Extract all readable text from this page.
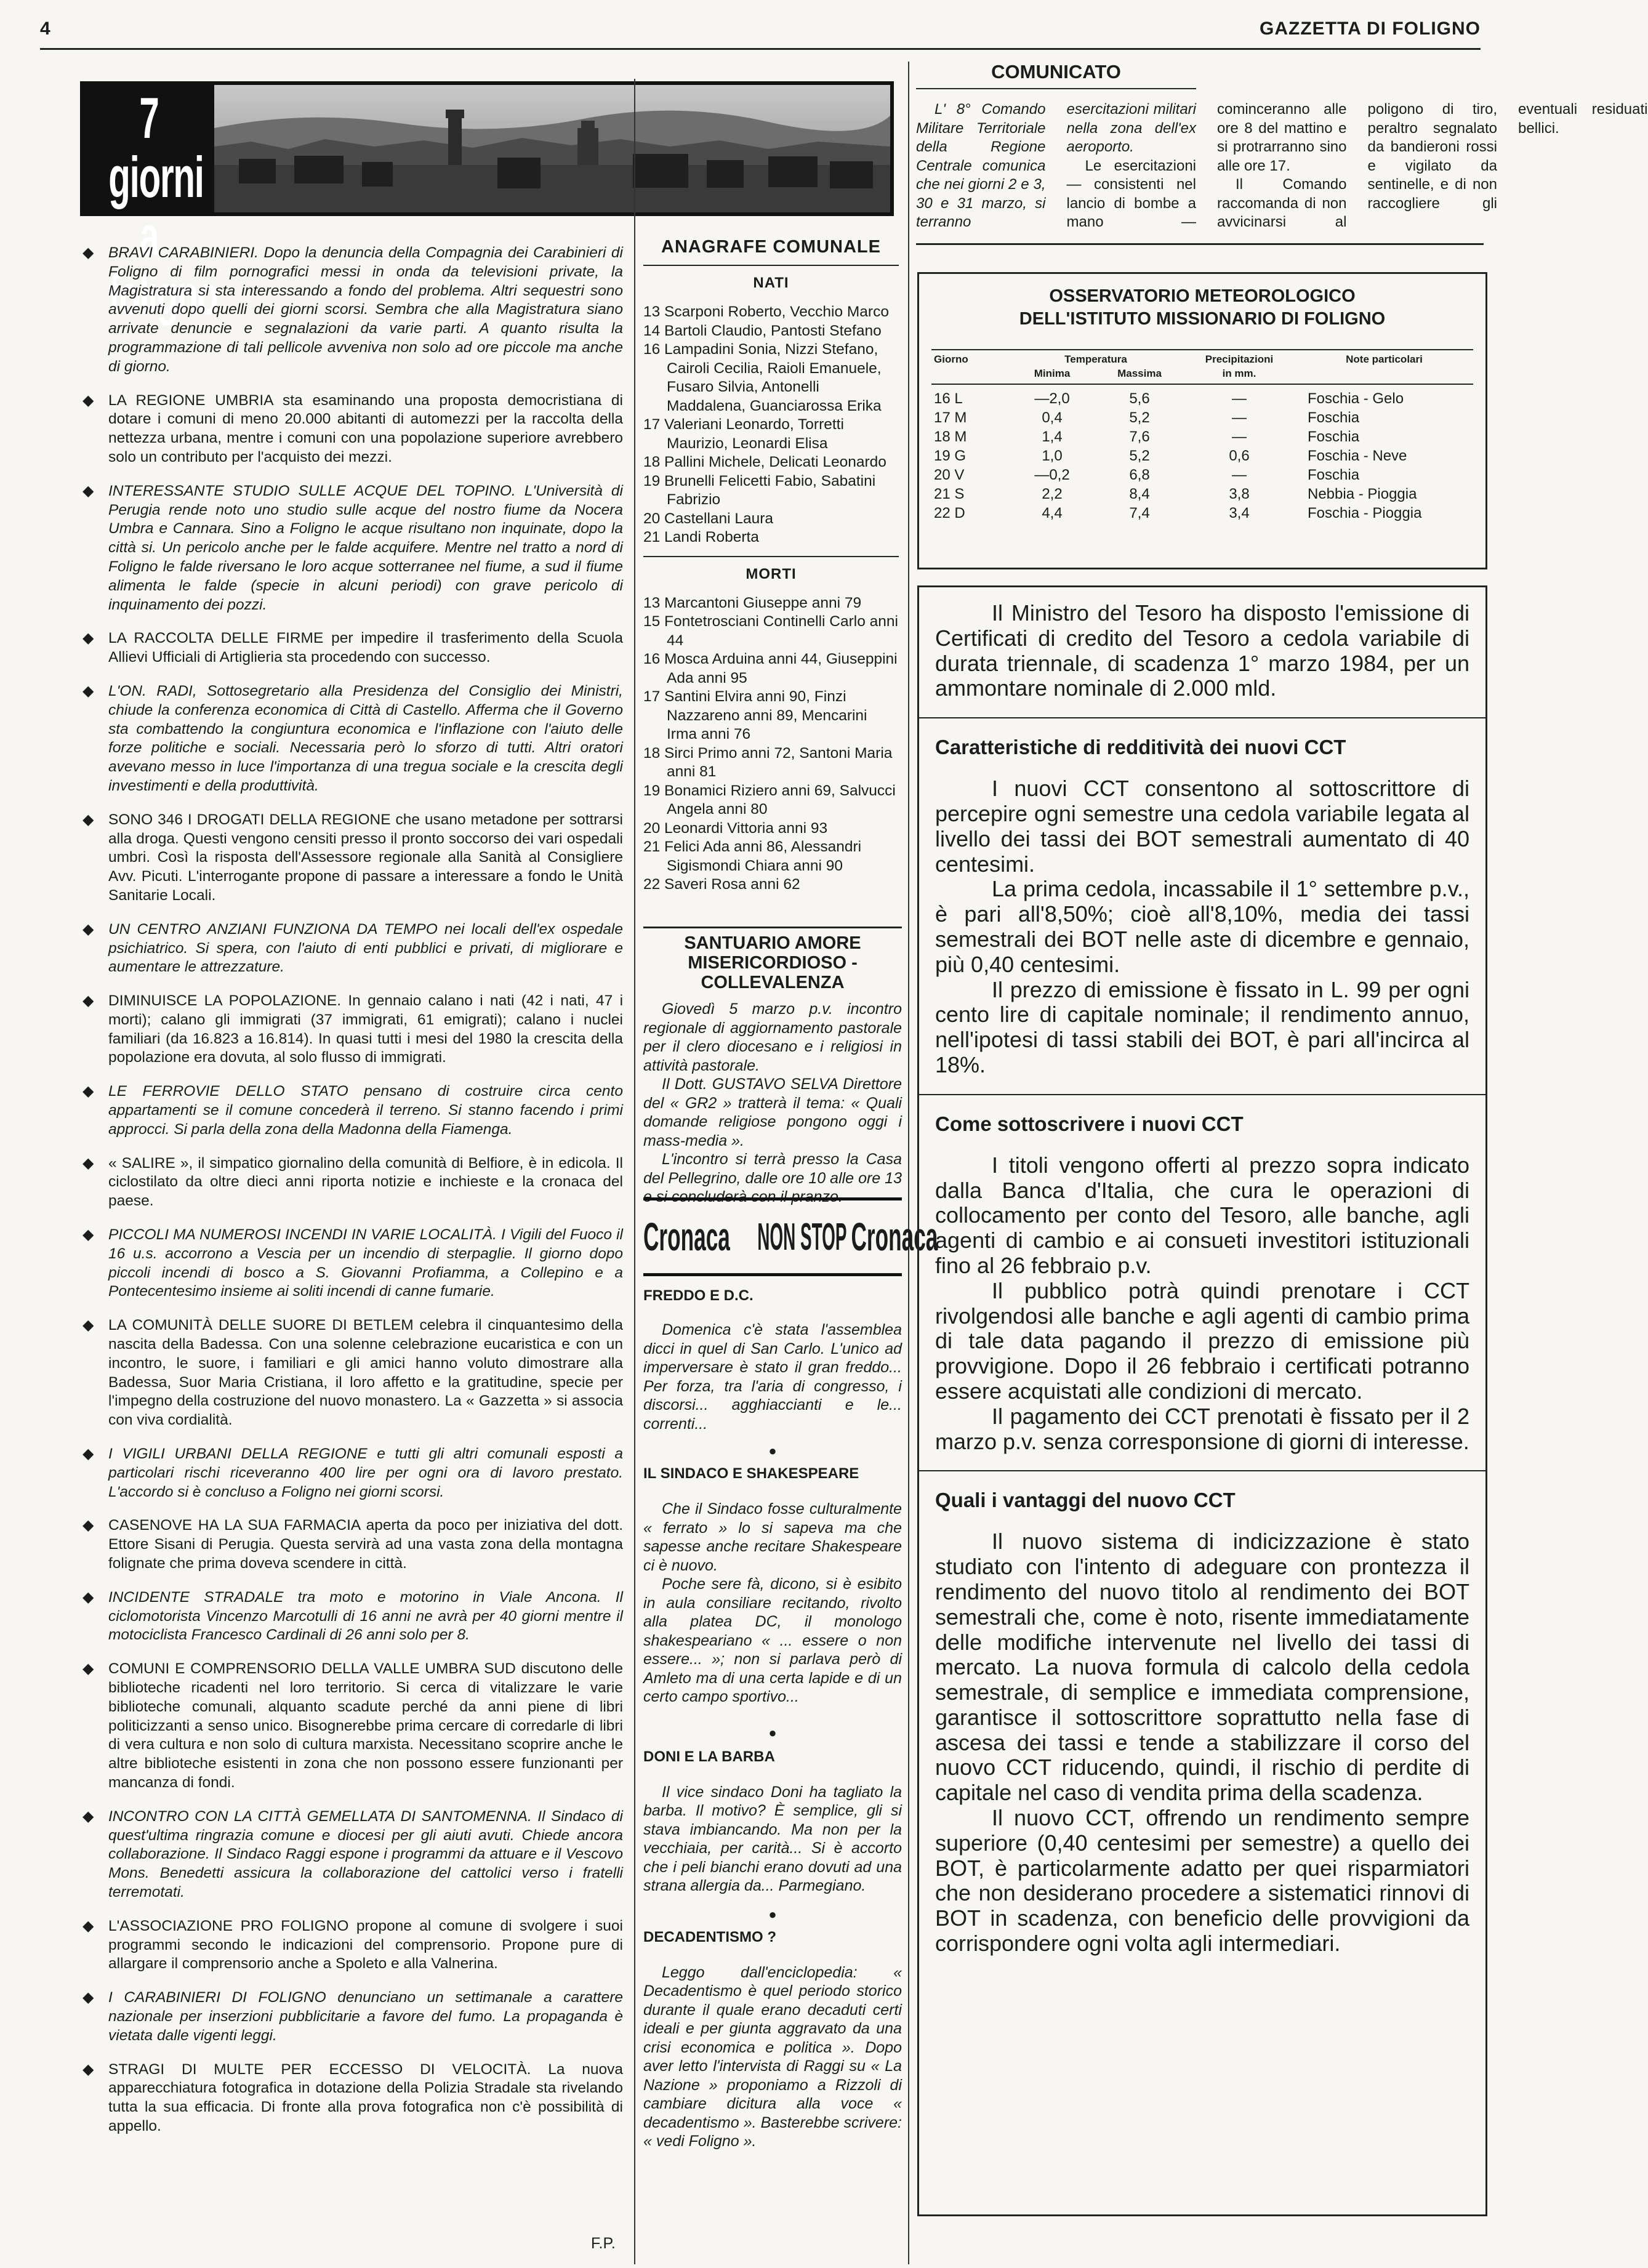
4	GAZZETTA DI FOLIGNO
7 giorni
a foligno
◆ BRAVI CARABINIERI. Dopo la denuncia della Compagnia dei Carabinieri di Foligno di film pornografici messi in onda da televisioni private, la Magistratura si sta interessando a fondo del problema. Altri sequestri sono avvenuti dopo quelli dei giorni scorsi. Sembra che alla Magistratura siano arrivate denuncie e segnalazioni da varie parti. A quanto risulta la programmazione di tali pellicole avveniva non solo ad ore piccole ma anche di giorno.

◆ LA REGIONE UMBRIA sta esaminando una proposta democristiana di dotare i comuni di meno 20.000 abitanti di automezzi per la raccolta della nettezza urbana, mentre i comuni con una popolazione superiore avrebbero solo un contributo per l'acquisto dei mezzi.

◆ INTERESSANTE STUDIO SULLE ACQUE DEL TOPINO. L'Università di Perugia rende noto uno studio sulle acque del nostro fiume da Nocera Umbra e Cannara. Sino a Foligno le acque risultano non inquinate, dopo la città si. Un pericolo anche per le falde acquifere. Mentre nel tratto a nord di Foligno le falde riversano le loro acque sotterranee nel fiume, a sud il fiume alimenta le falde (specie in alcuni periodi) con grave pericolo di inquinamento dei pozzi.

◆ LA RACCOLTA DELLE FIRME per impedire il trasferimento della Scuola Allievi Ufficiali di Artiglieria sta procedendo con successo.

◆ L'ON. RADI, Sottosegretario alla Presidenza del Consiglio dei Ministri, chiude la conferenza economica di Città di Castello. Afferma che il Governo sta combattendo la congiuntura economica e l'inflazione con l'aiuto delle forze politiche e sociali. Necessaria però lo sforzo di tutti. Altri oratori avevano messo in luce l'importanza di una tregua sociale e la crescita degli investimenti e della produttività.

◆ SONO 346 I DROGATI DELLA REGIONE che usano metadone per sottrarsi alla droga. Questi vengono censiti presso il pronto soccorso dei vari ospedali umbri. Così la risposta dell'Assessore regionale alla Sanità al Consigliere Avv. Picuti. L'interrogante propone di passare a interessare a fondo le Unità Sanitarie Locali.

◆ UN CENTRO ANZIANI FUNZIONA DA TEMPO nei locali dell'ex ospedale psichiatrico. Si spera, con l'aiuto di enti pubblici e privati, di migliorare e aumentare le attrezzature.

◆ DIMINUISCE LA POPOLAZIONE. In gennaio calano i nati (42 i nati, 47 i morti); calano gli immigrati (37 immigrati, 61 emigrati); calano i nuclei familiari (da 16.823 a 16.814). In quasi tutti i mesi del 1980 la crescita della popolazione era dovuta, al solo flusso di immigrati.

◆ LE FERROVIE DELLO STATO pensano di costruire circa cento appartamenti se il comune concederà il terreno. Si stanno facendo i primi approcci. Si parla della zona della Madonna della Fiamenga.

◆ « SALIRE », il simpatico giornalino della comunità di Belfiore, è in edicola. Il ciclostilato da oltre dieci anni riporta notizie e inchieste e la cronaca del paese.

◆ PICCOLI MA NUMEROSI INCENDI IN VARIE LOCALITÀ. I Vigili del Fuoco il 16 u.s. accorrono a Vescia per un incendio di sterpaglie. Il giorno dopo piccoli incendi di bosco a S. Giovanni Profiamma, a Collepino e a Pontecentesimo insieme ai soliti incendi di canne fumarie.

◆ LA COMUNITÀ DELLE SUORE DI BETLEM celebra il cinquantesimo della nascita della Badessa. Con una solenne celebrazione eucaristica e con un incontro, le suore, i familiari e gli amici hanno voluto dimostrare alla Badessa, Suor Maria Cristiana, il loro affetto e la gratitudine, specie per l'impegno della costruzione del nuovo monastero. La « Gazzetta » si associa con viva cordialità.

◆ I VIGILI URBANI DELLA REGIONE e tutti gli altri comunali esposti a particolari rischi riceveranno 400 lire per ogni ora di lavoro prestato. L'accordo si è concluso a Foligno nei giorni scorsi.

◆ CASENOVE HA LA SUA FARMACIA aperta da poco per iniziativa del dott. Ettore Sisani di Perugia. Questa servirà ad una vasta zona della montagna folignate che prima doveva scendere in città.

◆ INCIDENTE STRADALE tra moto e motorino in Viale Ancona. Il ciclomotorista Vincenzo Marcotulli di 16 anni ne avrà per 40 giorni mentre il motociclista Francesco Cardinali di 26 anni solo per 8.

◆ COMUNI E COMPRENSORIO DELLA VALLE UMBRA SUD discutono delle biblioteche ricadenti nel loro territorio. Si cerca di vitalizzare le varie biblioteche comunali, alquanto scadute perché da anni piene di libri politicizzanti a senso unico. Bisognerebbe prima cercare di corredarle di libri di vera cultura e non solo di cultura marxista. Necessitano scoprire anche le altre biblioteche esistenti in zona che non possono essere funzionanti per mancanza di fondi.

◆ INCONTRO CON LA CITTÀ GEMELLATA DI SANTOMENNA. Il Sindaco di quest'ultima ringrazia comune e diocesi per gli aiuti avuti. Chiede ancora collaborazione. Il Sindaco Raggi espone i programmi da attuare e il Vescovo Mons. Benedetti assicura la collaborazione del cattolici verso i fratelli terremotati.

◆ L'ASSOCIAZIONE PRO FOLIGNO propone al comune di svolgere i suoi programmi secondo le indicazioni del comprensorio. Propone pure di allargare il comprensorio anche a Spoleto e alla Valnerina.

◆ I CARABINIERI DI FOLIGNO denunciano un settimanale a carattere nazionale per inserzioni pubblicitarie a favore del fumo. La propaganda è vietata dalle vigenti leggi.

◆ STRAGI DI MULTE PER ECCESSO DI VELOCITÀ. La nuova apparecchiatura fotografica in dotazione della Polizia Stradale sta rivelando tutta la sua efficacia. Di fronte alla prova fotografica non c'è possibilità di appello.

F.P.
ANAGRAFE COMUNALE
NATI
13 Scarponi Roberto, Vecchio Marco
14 Bartoli Claudio, Pantosti Stefano
16 Lampadini Sonia, Nizzi Stefano, Cairoli Cecilia, Raioli Emanuele, Fusaro Silvia, Antonelli Maddalena, Guanciarossa Erika
17 Valeriani Leonardo, Torretti Maurizio, Leonardi Elisa
18 Pallini Michele, Delicati Leonardo
19 Brunelli Felicetti Fabio, Sabatini Fabrizio
20 Castellani Laura
21 Landi Roberta
MORTI
13 Marcantoni Giuseppe anni 79
15 Fontetrosciani Continelli Carlo anni 44
16 Mosca Arduina anni 44, Giuseppini Ada anni 95
17 Santini Elvira anni 90, Finzi Nazzareno anni 89, Mencarini Irma anni 76
18 Sirci Primo anni 72, Santoni Maria anni 81
19 Bonamici Riziero anni 69, Salvucci Angela anni 80
20 Leonardi Vittoria anni 93
21 Felici Ada anni 86, Alessandri Sigismondi Chiara anni 90
22 Saveri Rosa anni 62
SANTUARIO AMORE MISERICORDIOSO - COLLEVALENZA

Giovedì 5 marzo p.v. incontro regionale di aggiornamento pastorale per il clero diocesano e i religiosi in attività pastorale.

Il Dott. GUSTAVO SELVA Direttore del « GR2 » tratterà il tema: « Quali domande religiose pongono oggi i mass-media ».

L'incontro si terrà presso la Casa del Pellegrino, dalle ore 10 alle ore 13 e si concluderà con il pranzo.

Cronaca NON STOP Cronaca
FREDDO E D.C.

Domenica c'è stata l'assemblea dicci in quel di San Carlo. L'unico ad imperversare è stato il gran freddo... Per forza, tra l'aria di congresso, i discorsi... agghiaccianti e le... correnti...

●
IL SINDACO E SHAKESPEARE

Che il Sindaco fosse culturalmente « ferrato » lo si sapeva ma che sapesse anche recitare Shakespeare ci è nuovo.

Poche sere fà, dicono, si è esibito in aula consiliare recitando, rivolto alla platea DC, il monologo shakespeariano « ... essere o non essere... »; non si parlava però di Amleto ma di una certa lapide e di un certo campo sportivo...

●
DONI E LA BARBA

Il vice sindaco Doni ha tagliato la barba. Il motivo? È semplice, gli si stava imbiancando. Ma non per la vecchiaia, per carità... Si è accorto che i peli bianchi erano dovuti ad una strana allergia da... Parmegiano.

●
DECADENTISMO ?

Leggo dall'enciclopedia: « Decadentismo è quel periodo storico durante il quale erano decaduti certi ideali e per giunta aggravato da una crisi economica e politica ». Dopo aver letto l'intervista di Raggi su « La Nazione » proponiamo a Rizzoli di cambiare dicitura alla voce « decadentismo ». Basterebbe scrivere: « vedi Foligno ».

COMUNICATO

L' 8° Comando Militare Territoriale della Regione Centrale comunica che nei giorni 2 e 3, 30 e 31 marzo, si terranno esercitazioni militari nella zona dell'ex aeroporto.

Le esercitazioni — consistenti nel lancio di bombe a mano — cominceranno alle ore 8 del mattino e si protrarranno sino alle ore 17.

Il Comando raccomanda di non avvicinarsi al poligono di tiro, peraltro segnalato da bandieroni rossi e vigilato da sentinelle, e di non raccogliere gli eventuali residuati bellici.

OSSERVATORIO METEOROLOGICO
DELL'ISTITUTO MISSIONARIO DI FOLIGNO
Giorno	Temperatura		Precipitazioni	Note particolari
	Minima	Massima	in mm.	
16 L	—2,0	5,6	—	Foschia - Gelo
17 M	0,4	5,2	—	Foschia
18 M	1,4	7,6	—	Foschia
19 G	1,0	5,2	0,6	Foschia - Neve
20 V	—0,2	6,8	—	Foschia
21 S	2,2	8,4	3,8	Nebbia - Pioggia
22 D	4,4	7,4	3,4	Foschia - Pioggia

Il Ministro del Tesoro ha disposto l'emissione di Certificati di credito del Tesoro a cedola variabile di durata triennale, di scadenza 1° marzo 1984, per un ammontare nominale di 2.000 mld.

Caratteristiche di redditività dei nuovi CCT

I nuovi CCT consentono al sottoscrittore di percepire ogni semestre una cedola variabile legata al livello dei tassi dei BOT semestrali aumentato di 40 centesimi.

La prima cedola, incassabile il 1° settembre p.v., è pari all'8,50%; cioè all'8,10%, media dei tassi semestrali dei BOT nelle aste di dicembre e gennaio, più 0,40 centesimi.

Il prezzo di emissione è fissato in L. 99 per ogni cento lire di capitale nominale; il rendimento annuo, nell'ipotesi di tassi stabili dei BOT, è pari all'incirca al 18%.

Come sottoscrivere i nuovi CCT

I titoli vengono offerti al prezzo sopra indicato dalla Banca d'Italia, che cura le operazioni di collocamento per conto del Tesoro, alle banche, agli agenti di cambio e ai consueti investitori istituzionali fino al 26 febbraio p.v.

Il pubblico potrà quindi prenotare i CCT rivolgendosi alle banche e agli agenti di cambio prima di tale data pagando il prezzo di emissione più provvigione. Dopo il 26 febbraio i certificati potranno essere acquistati alle condizioni di mercato.

Il pagamento dei CCT prenotati è fissato per il 2 marzo p.v. senza corresponsione di giorni di interesse.

Quali i vantaggi del nuovo CCT

Il nuovo sistema di indicizzazione è stato studiato con l'intento di adeguare con prontezza il rendimento del nuovo titolo al rendimento dei BOT semestrali che, come è noto, risente immediatamente delle modifiche intervenute nel livello dei tassi di mercato. La nuova formula di calcolo della cedola semestrale, di semplice e immediata comprensione, garantisce il sottoscrittore soprattutto nella fase di ascesa dei tassi e tende a stabilizzare il corso del nuovo CCT riducendo, quindi, il rischio di perdite di capitale nel caso di vendita prima della scadenza.

Il nuovo CCT, offrendo un rendimento sempre superiore (0,40 centesimi per semestre) a quello dei BOT, è particolarmente adatto per quei risparmiatori che non desiderano procedere a sistematici rinnovi di BOT in scadenza, con beneficio delle provvigioni da corrispondere ogni volta agli intermediari.
